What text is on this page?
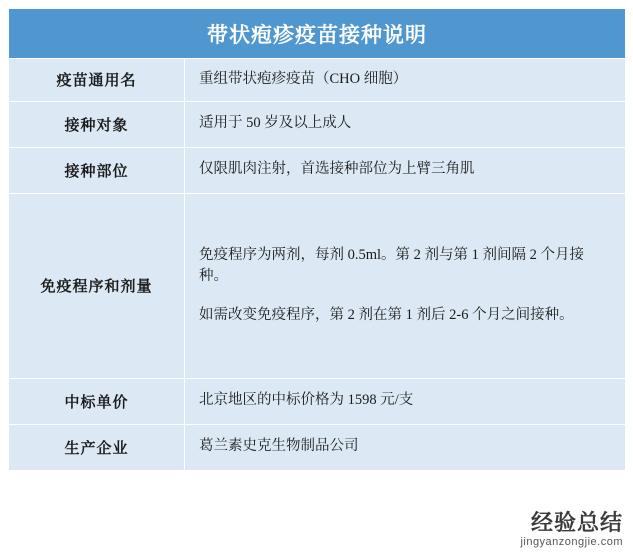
带状疱疹疫苗接种说明	
疫苗通用名	重组带状疱疹疫苗（CHO 细胞）
接种对象	适用于 50 岁及以上成人
接种部位	仅限肌肉注射，首选接种部位为上臂三角肌
免疫程序和剂量	免疫程序为两剂，每剂 0.5ml。第 2 剂与第 1 剂间隔 2 个月接种。

如需改变免疫程序，第 2 剂在第 1 剂后 2-6 个月之间接种。

中标单价	北京地区的中标价格为 1598 元/支
生产企业	葛兰素史克生物制品公司
经验总结
jingyanzongjie.com
